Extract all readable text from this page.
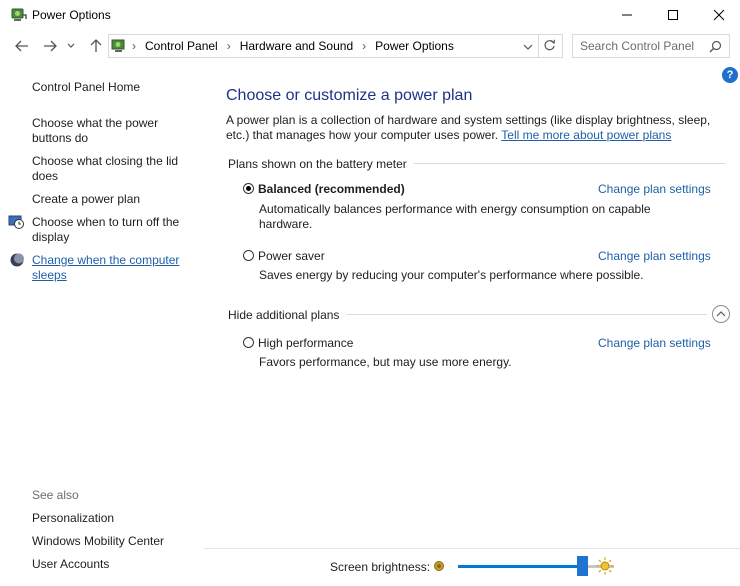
Power Options
› Control Panel › Hardware and Sound › Power Options
Search Control Panel
Control Panel Home
Choose what the power buttons do
Choose what closing the lid does
Create a power plan
Choose when to turn off the display
Change when the computer sleeps
See also
Personalization
Windows Mobility Center
User Accounts
?
Choose or customize a power plan
A power plan is a collection of hardware and system settings (like display brightness, sleep, etc.) that manages how your computer uses power. Tell me more about power plans
Plans shown on the battery meter
Balanced (recommended)	Change plan settings
Automatically balances performance with energy consumption on capable hardware.
Power saver	Change plan settings
Saves energy by reducing your computer's performance where possible.
Hide additional plans
High performance	Change plan settings
Favors performance, but may use more energy.
Screen brightness:
